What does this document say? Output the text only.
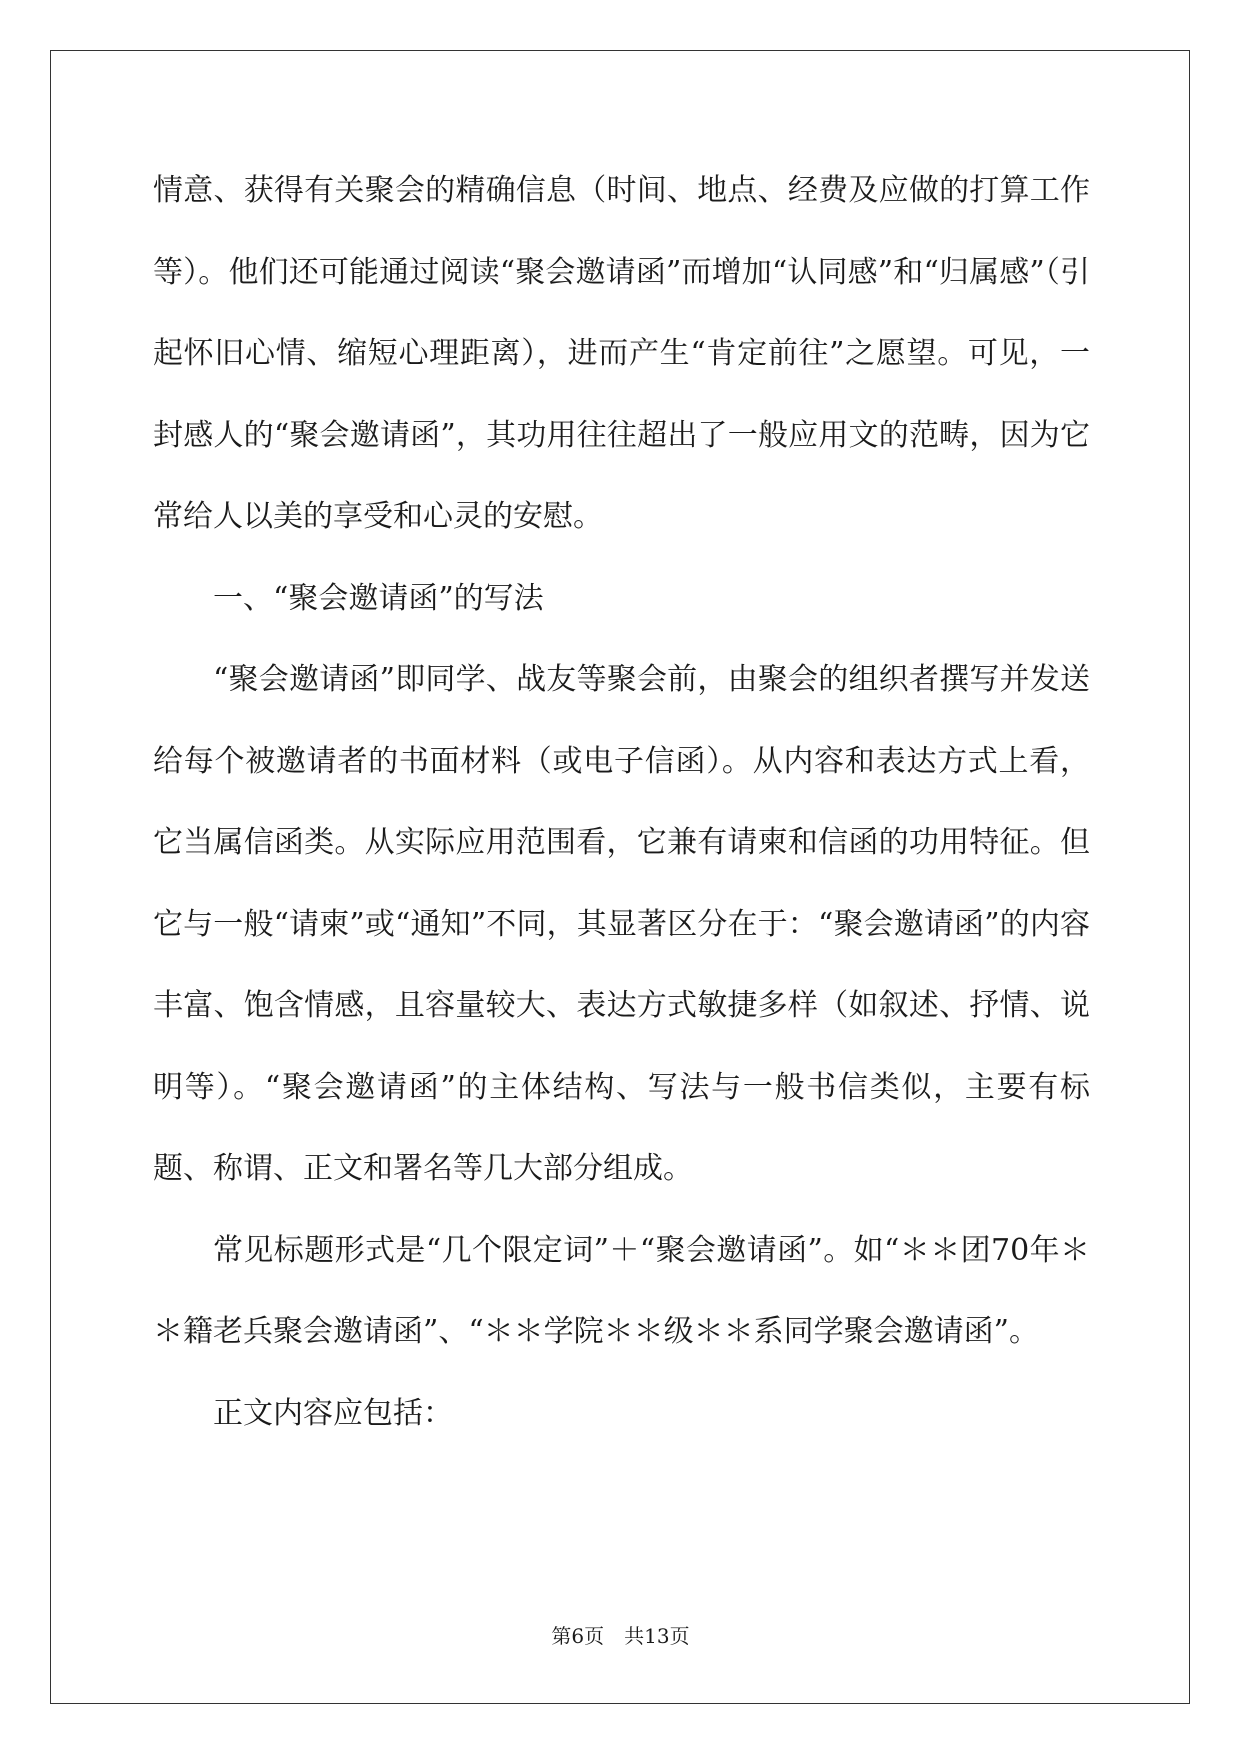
情意、获得有关聚会的精确信息（时间、地点、经费及应做的打算工作等）。他们还可能通过阅读“聚会邀请函”而增加“认同感”和“归属感”（引起怀旧心情、缩短心理距离），进而产生“肯定前往”之愿望。可见，一封感人的“聚会邀请函”，其功用往往超出了一般应用文的范畴，因为它常给人以美的享受和心灵的安慰。

一、“聚会邀请函”的写法

“聚会邀请函”即同学、战友等聚会前，由聚会的组织者撰写并发送给每个被邀请者的书面材料（或电子信函）。从内容和表达方式上看，它当属信函类。从实际应用范围看，它兼有请柬和信函的功用特征。但它与一般“请柬”或“通知”不同，其显著区分在于：“聚会邀请函”的内容丰富、饱含情感，且容量较大、表达方式敏捷多样（如叙述、抒情、说明等）。“聚会邀请函”的主体结构、写法与一般书信类似，主要有标题、称谓、正文和署名等几大部分组成。

常见标题形式是“几个限定词”＋“聚会邀请函”。如“＊＊团70年＊＊籍老兵聚会邀请函”、“＊＊学院＊＊级＊＊系同学聚会邀请函”。

正文内容应包括：

第6页 共13页
